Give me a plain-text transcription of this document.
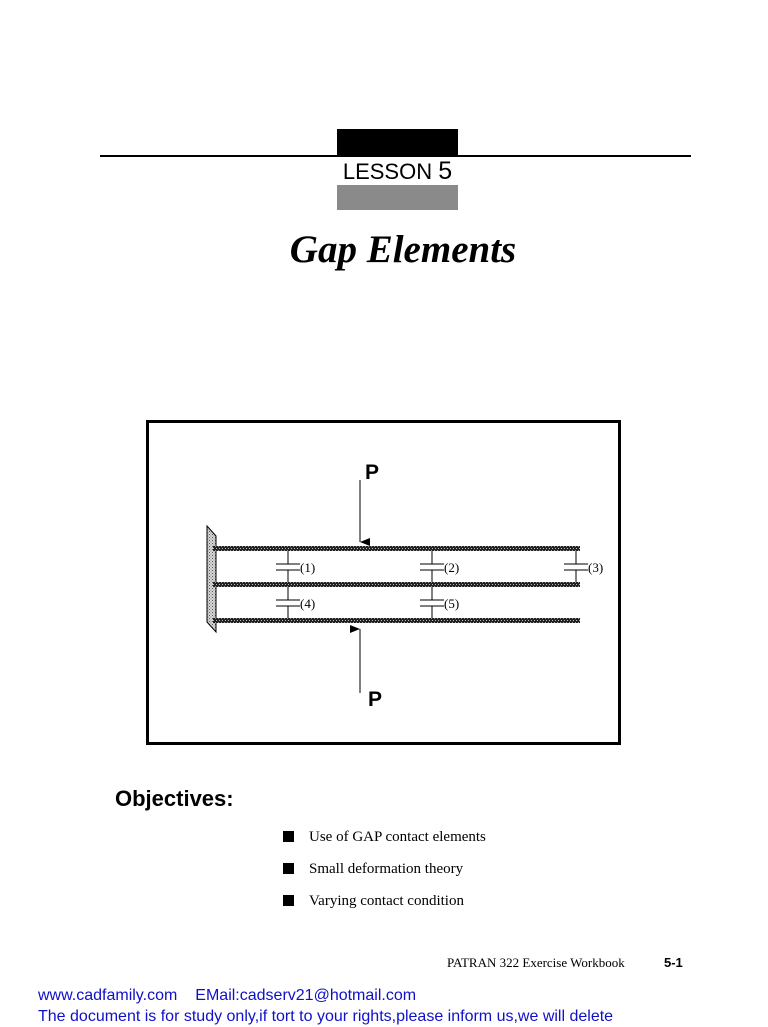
LESSON 5
Gap Elements
(1)	(2)	(3)
(4)	(5)
P
P
Objectives:
Use of GAP contact elements
Small deformation theory
Varying contact condition
PATRAN 322 Exercise Workbook	5-1
www.cadfamily.com EMail:cadserv21@hotmail.com
The document is for study only,if tort to your rights,please inform us,we will delete
